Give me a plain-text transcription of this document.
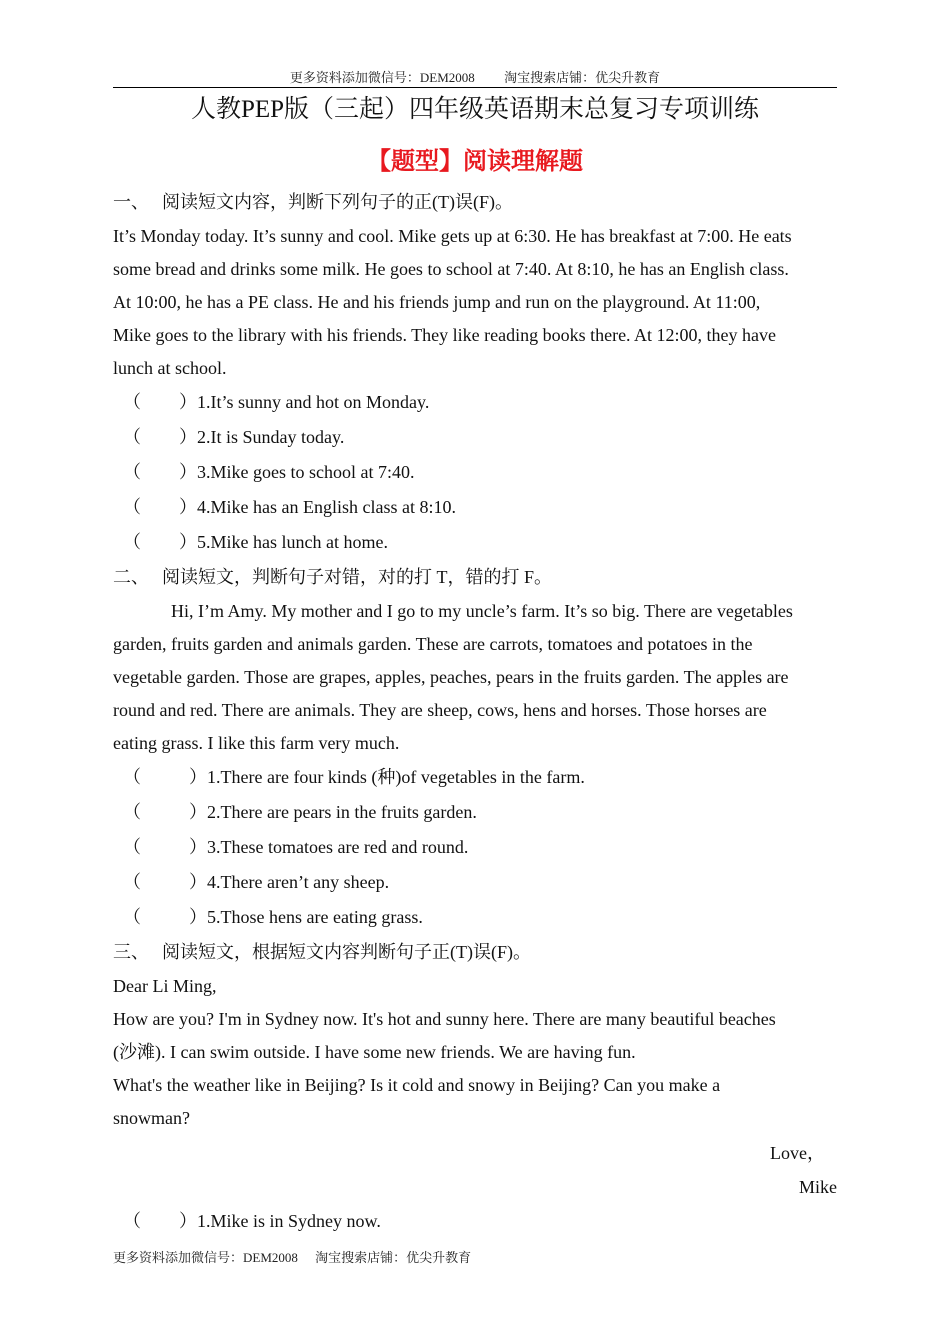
更多资料添加微信号：DEM2008 淘宝搜索店铺：优尖升教育
人教PEP版（三起）四年级英语期末总复习专项训练
【题型】阅读理解题
一、 阅读短文内容，判断下列句子的正(T)误(F)。
It’s Monday today. It’s sunny and cool. Mike gets up at 6:30. He has breakfast at 7:00. He eats
some bread and drinks some milk. He goes to school at 7:40. At 8:10, he has an English class.
At 10:00, he has a PE class. He and his friends jump and run on the playground. At 11:00,
Mike goes to the library with his friends. They like reading books there. At 12:00, they have
lunch at school.
（ ）1.It’s sunny and hot on Monday.
（ ）2.It is Sunday today.
（ ）3.Mike goes to school at 7:40.
（ ）4.Mike has an English class at 8:10.
（ ）5.Mike has lunch at home.
二、 阅读短文，判断句子对错，对的打 T，错的打 F。
Hi, I’m Amy. My mother and I go to my uncle’s farm. It’s so big. There are vegetables
garden, fruits garden and animals garden. These are carrots, tomatoes and potatoes in the
vegetable garden. Those are grapes, apples, peaches, pears in the fruits garden. The apples are
round and red. There are animals. They are sheep, cows, hens and horses. Those horses are
eating grass. I like this farm very much.
（	）1.There are four kinds (种)of vegetables in the farm.
（	）2.There are pears in the fruits garden.
（	）3.These tomatoes are red and round.
（	）4.There aren’t any sheep.
（	）5.Those hens are eating grass.
三、 阅读短文，根据短文内容判断句子正(T)误(F)。
Dear Li Ming,
How are you? I'm in Sydney now. It's hot and sunny here. There are many beautiful beaches
(沙滩). I can swim outside. I have some new friends. We are having fun.
What's the weather like in Beijing? Is it cold and snowy in Beijing? Can you make a
snowman?
Love，
Mike
（ ）1.Mike is in Sydney now.
更多资料添加微信号：DEM2008 淘宝搜索店铺：优尖升教育
